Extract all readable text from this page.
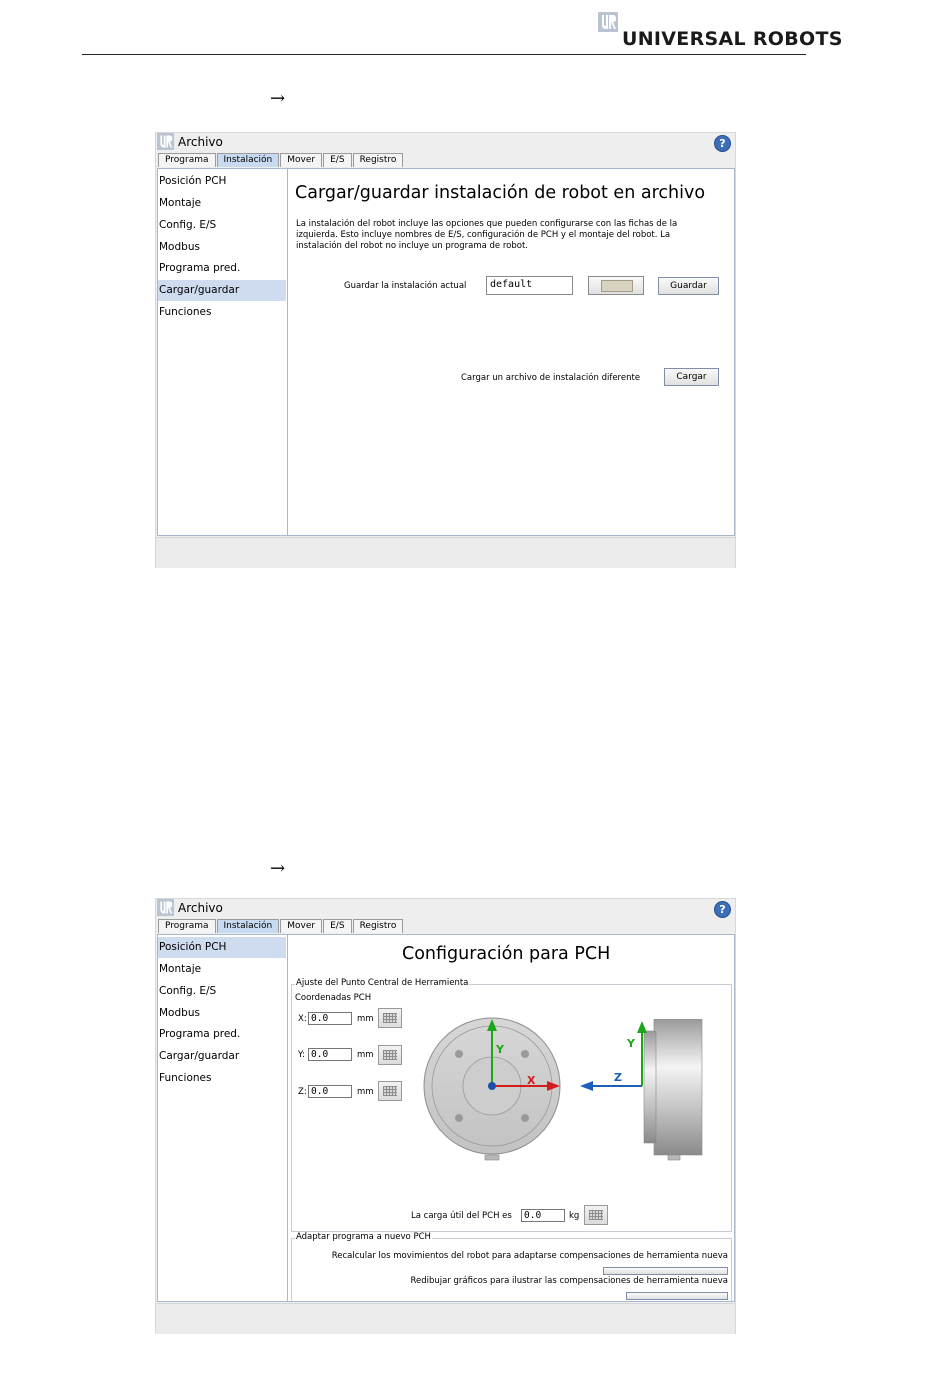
UNIVERSAL ROBOTS
→
→
Archivo	?
Programa	Instalación	Mover	E/S	Registro
Posición PCH
Montaje
Config. E/S
Modbus
Programa pred.
Cargar/guardar
Funciones
Cargar/guardar instalación de robot en archivo
La instalación del robot incluye las opciones que pueden configurarse con las fichas de la izquierda. Esto incluye nombres de E/S, configuración de PCH y el montaje del robot. La instalación del robot no incluye un programa de robot.
Guardar la instalación actual	default	Guardar
Cargar un archivo de instalación diferente	Cargar
Archivo	?
Programa	Instalación	Mover	E/S	Registro
Posición PCH
Montaje
Config. E/S
Modbus
Programa pred.
Cargar/guardar
Funciones
Configuración para PCH
Ajuste del Punto Central de Herramienta
Coordenadas PCH
X: 0.0	mm
Y: 0.0	mm
Z: 0.0	mm
Y
X
Y
Z
La carga útil del PCH es	0.0	kg
Adaptar programa a nuevo PCH
Recalcular los movimientos del robot para adaptarse compensaciones de herramienta nueva
Redibujar gráficos para ilustrar las compensaciones de herramienta nueva
